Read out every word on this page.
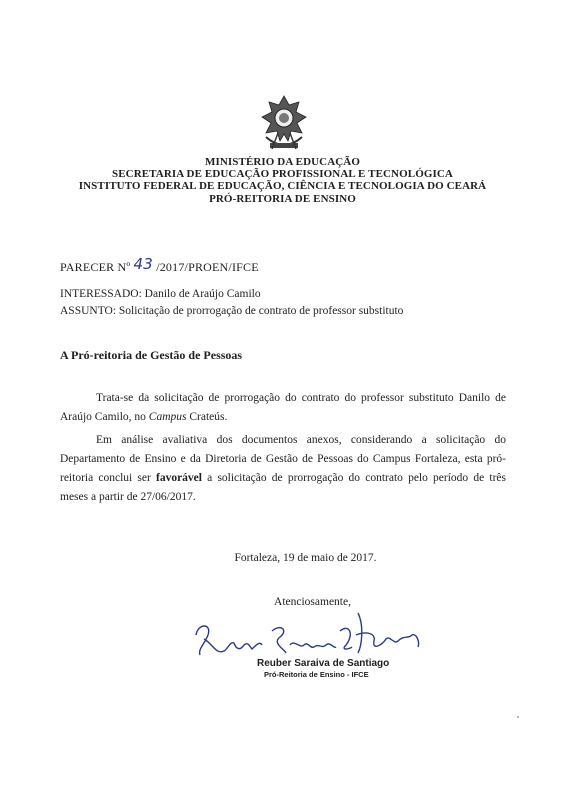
MINISTÉRIO DA EDUCAÇÃO
SECRETARIA DE EDUCAÇÃO PROFISSIONAL E TECNOLÓGICA
INSTITUTO FEDERAL DE EDUCAÇÃO, CIÊNCIA E TECNOLOGIA DO CEARÁ
PRÓ-REITORIA DE ENSINO
PARECER Nº 43 /2017/PROEN/IFCE
INTERESSADO: Danilo de Araújo Camilo
ASSUNTO: Solicitação de prorrogação de contrato de professor substituto
A Pró-reitoria de Gestão de Pessoas
Trata-se da solicitação de prorrogação do contrato do professor substituto Danilo de Araújo Camilo, no Campus Crateús.
Em análise avaliativa dos documentos anexos, considerando a solicitação do Departamento de Ensino e da Diretoria de Gestão de Pessoas do Campus Fortaleza, esta pró-reitoria conclui ser favorável a solicitação de prorrogação do contrato pelo período de três meses a partir de 27/06/2017.
Fortaleza, 19 de maio de 2017.
Atenciosamente,
Reuber Saraiva de Santiago
Pró-Reitoria de Ensino - IFCE
